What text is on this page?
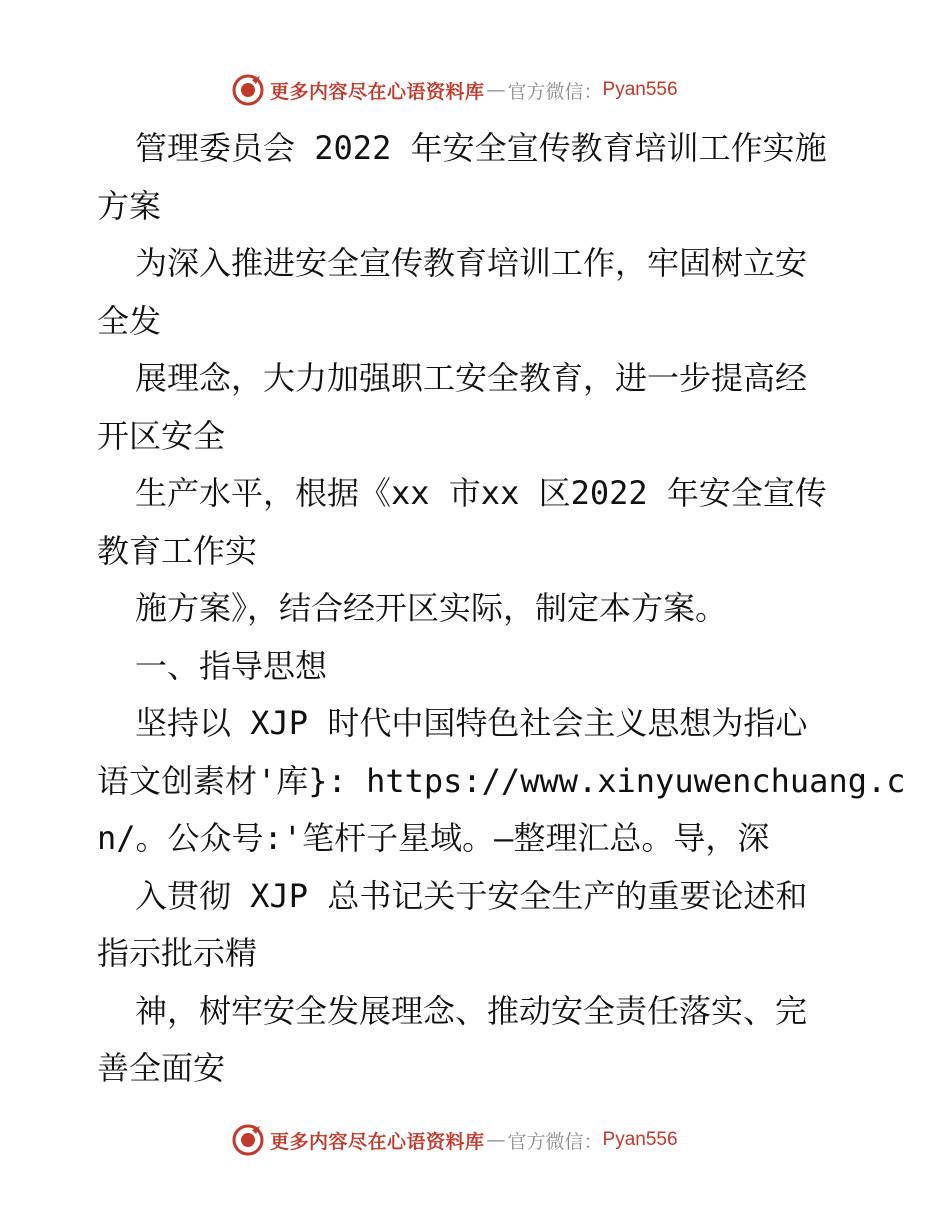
更多内容尽在心语资料库 — 官方微信： Pyan556
管理委员会 2022 年安全宣传教育培训工作实施
方案
为深入推进安全宣传教育培训工作，牢固树立安
全发
展理念，大力加强职工安全教育，进一步提高经
开区安全
生产水平，根据《xx 市xx 区2022 年安全宣传
教育工作实
施方案》，结合经开区实际，制定本方案。
一、指导思想
坚持以 XJP 时代中国特色社会主义思想为指心
语文创素材'库}: https://www.xinyuwenchuang.c
n/。公众号:'笔杆子星域。—整理汇总。导，深
入贯彻 XJP 总书记关于安全生产的重要论述和
指示批示精
神，树牢安全发展理念、推动安全责任落实、完
善全面安
更多内容尽在心语资料库 — 官方微信： Pyan556
